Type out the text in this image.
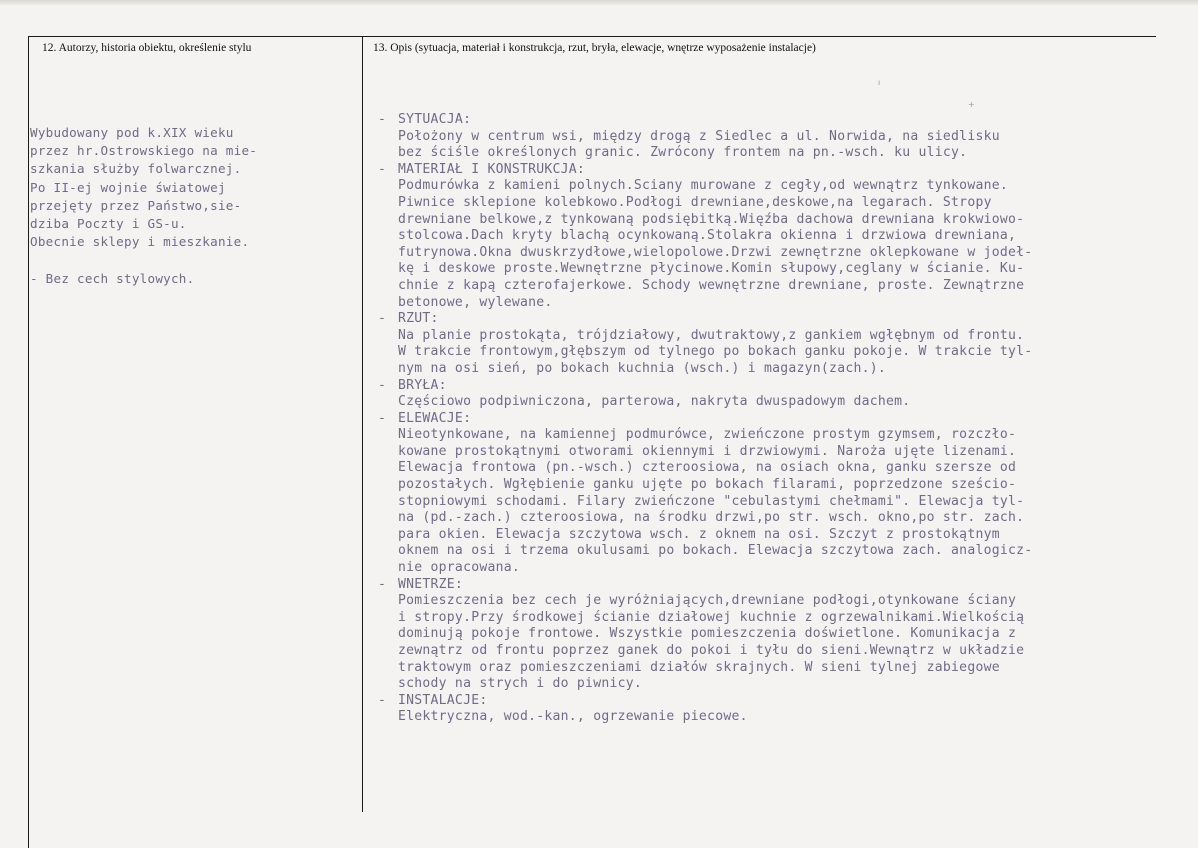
12. Autorzy, historia obiektu, określenie stylu	13. Opis (sytuacja, materiał i konstrukcja, rzut, bryła, elewacje, wnętrze wyposażenie instalacje)
Wybudowany pod k.XIX wieku
przez hr.Ostrowskiego na mie-
szkania służby folwarcznej.
Po II-ej wojnie światowej
przejęty przez Państwo,sie-
dziba Poczty i GS-u.
Obecnie sklepy i mieszkanie.

- Bez cech stylowych.
- SYTUACJA:
Położony w centrum wsi, między drogą z Siedlec a ul. Norwida, na siedlisku
bez ściśle określonych granic. Zwrócony frontem na pn.-wsch. ku ulicy.
- MATERIAŁ I KONSTRUKCJA:
Podmurówka z kamieni polnych.Sciany murowane z cegły,od wewnątrz tynkowane.
Piwnice sklepione kolebkowo.Podłogi drewniane,deskowe,na legarach. Stropy
drewniane belkowe,z tynkowaną podsiębitką.Więźba dachowa drewniana krokwiowo-
stolcowa.Dach kryty blachą ocynkowaną.Stolakra okienna i drzwiowa drewniana,
futrynowa.Okna dwuskrzydłowe,wielopolowe.Drzwi zewnętrzne oklepkowane w jodeł-
kę i deskowe proste.Wewnętrzne płycinowe.Komin słupowy,ceglany w ścianie. Ku-
chnie z kapą czterofajerkowe. Schody wewnętrzne drewniane, proste. Zewnątrzne
betonowe, wylewane.
- RZUT:
Na planie prostokąta, trójdziałowy, dwutraktowy,z gankiem wgłębnym od frontu.
W trakcie frontowym,głębszym od tylnego po bokach ganku pokoje. W trakcie tyl-
nym na osi sień, po bokach kuchnia (wsch.) i magazyn(zach.).
- BRYŁA:
Częściowo podpiwniczona, parterowa, nakryta dwuspadowym dachem.
- ELEWACJE:
Nieotynkowane, na kamiennej podmurówce, zwieńczone prostym gzymsem, rozczło-
kowane prostokątnymi otworami okiennymi i drzwiowymi. Naroża ujęte lizenami.
Elewacja frontowa (pn.-wsch.) czteroosiowa, na osiach okna, ganku szersze od
pozostałych. Wgłębienie ganku ujęte po bokach filarami, poprzedzone sześcio-
stopniowymi schodami. Filary zwieńczone "cebulastymi chełmami". Elewacja tyl-
na (pd.-zach.) czteroosiowa, na środku drzwi,po str. wsch. okno,po str. zach.
para okien. Elewacja szczytowa wsch. z oknem na osi. Szczyt z prostokątnym
oknem na osi i trzema okulusami po bokach. Elewacja szczytowa zach. analogicz-
nie opracowana.
- WNETRZE:
Pomieszczenia bez cech je wyróżniających,drewniane podłogi,otynkowane ściany
i stropy.Przy środkowej ścianie działowej kuchnie z ogrzewalnikami.Wielkością
dominują pokoje frontowe. Wszystkie pomieszczenia doświetlone. Komunikacja z
zewnątrz od frontu poprzez ganek do pokoi i tyłu do sieni.Wewnątrz w układzie
traktowym oraz pomieszczeniami działów skrajnych. W sieni tylnej zabiegowe
schody na strych i do piwnicy.
- INSTALACJE:
Elektryczna, wod.-kan., ogrzewanie piecowe.
ı
+
